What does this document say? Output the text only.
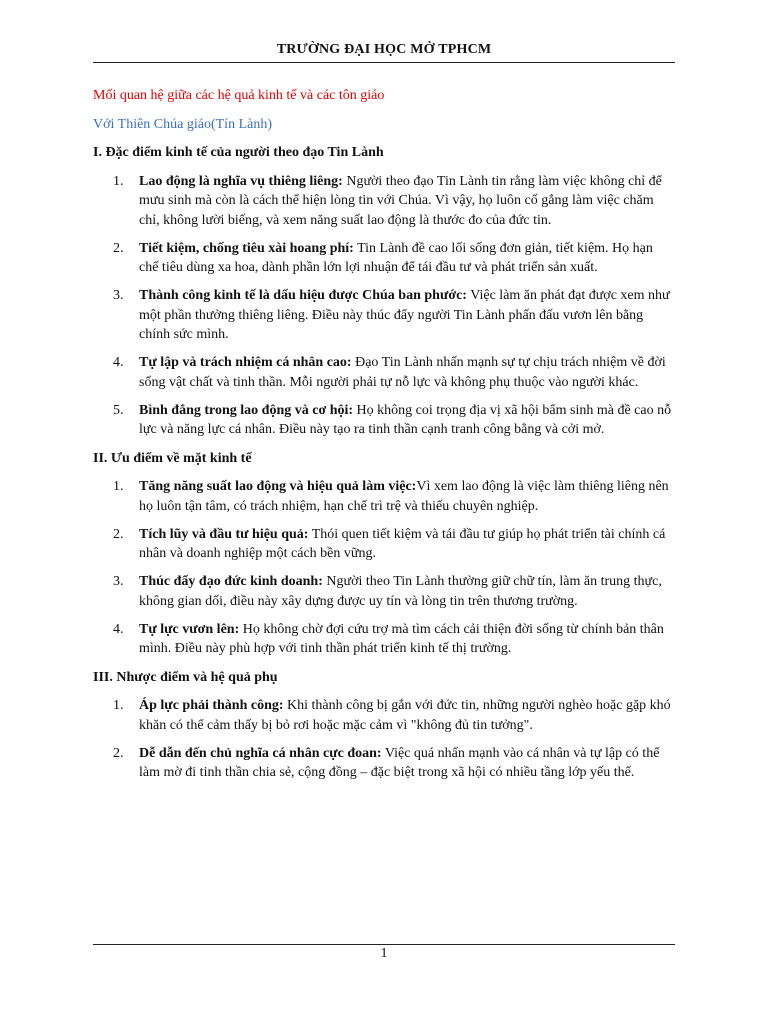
TRƯỜNG ĐẠI HỌC MỞ TPHCM
Mối quan hệ giữa các hệ quả kinh tế và các tôn giáo
Với Thiên Chúa giáo(Tín Lành)
I. Đặc điểm kinh tế của người theo đạo Tin Lành
1. Lao động là nghĩa vụ thiêng liêng: Người theo đạo Tin Lành tin rằng làm việc không chỉ để mưu sinh mà còn là cách thể hiện lòng tin với Chúa. Vì vậy, họ luôn cố gắng làm việc chăm chỉ, không lười biếng, và xem năng suất lao động là thước đo của đức tin.
2. Tiết kiệm, chống tiêu xài hoang phí: Tin Lành đề cao lối sống đơn giản, tiết kiệm. Họ hạn chế tiêu dùng xa hoa, dành phần lớn lợi nhuận để tái đầu tư và phát triển sản xuất.
3. Thành công kinh tế là dấu hiệu được Chúa ban phước: Việc làm ăn phát đạt được xem như một phần thưởng thiêng liêng. Điều này thúc đẩy người Tin Lành phấn đấu vươn lên bằng chính sức mình.
4. Tự lập và trách nhiệm cá nhân cao: Đạo Tin Lành nhấn mạnh sự tự chịu trách nhiệm về đời sống vật chất và tinh thần. Mỗi người phải tự nỗ lực và không phụ thuộc vào người khác.
5. Bình đẳng trong lao động và cơ hội: Họ không coi trọng địa vị xã hội bẩm sinh mà đề cao nỗ lực và năng lực cá nhân. Điều này tạo ra tinh thần cạnh tranh công bằng và cởi mở.
II. Ưu điểm về mặt kinh tế
1. Tăng năng suất lao động và hiệu quả làm việc:Vì xem lao động là việc làm thiêng liêng nên họ luôn tận tâm, có trách nhiệm, hạn chế trì trệ và thiếu chuyên nghiệp.
2. Tích lũy và đầu tư hiệu quả: Thói quen tiết kiệm và tái đầu tư giúp họ phát triển tài chính cá nhân và doanh nghiệp một cách bền vững.
3. Thúc đẩy đạo đức kinh doanh: Người theo Tin Lành thường giữ chữ tín, làm ăn trung thực, không gian dối, điều này xây dựng được uy tín và lòng tin trên thương trường.
4. Tự lực vươn lên: Họ không chờ đợi cứu trợ mà tìm cách cải thiện đời sống từ chính bản thân mình. Điều này phù hợp với tinh thần phát triển kinh tế thị trường.
III. Nhược điểm và hệ quả phụ
1. Áp lực phải thành công: Khi thành công bị gắn với đức tin, những người nghèo hoặc gặp khó khăn có thể cảm thấy bị bỏ rơi hoặc mặc cảm vì "không đủ tin tưởng".
2. Dễ dẫn đến chủ nghĩa cá nhân cực đoan: Việc quá nhấn mạnh vào cá nhân và tự lập có thể làm mờ đi tinh thần chia sẻ, cộng đồng – đặc biệt trong xã hội có nhiều tầng lớp yếu thế.
1
